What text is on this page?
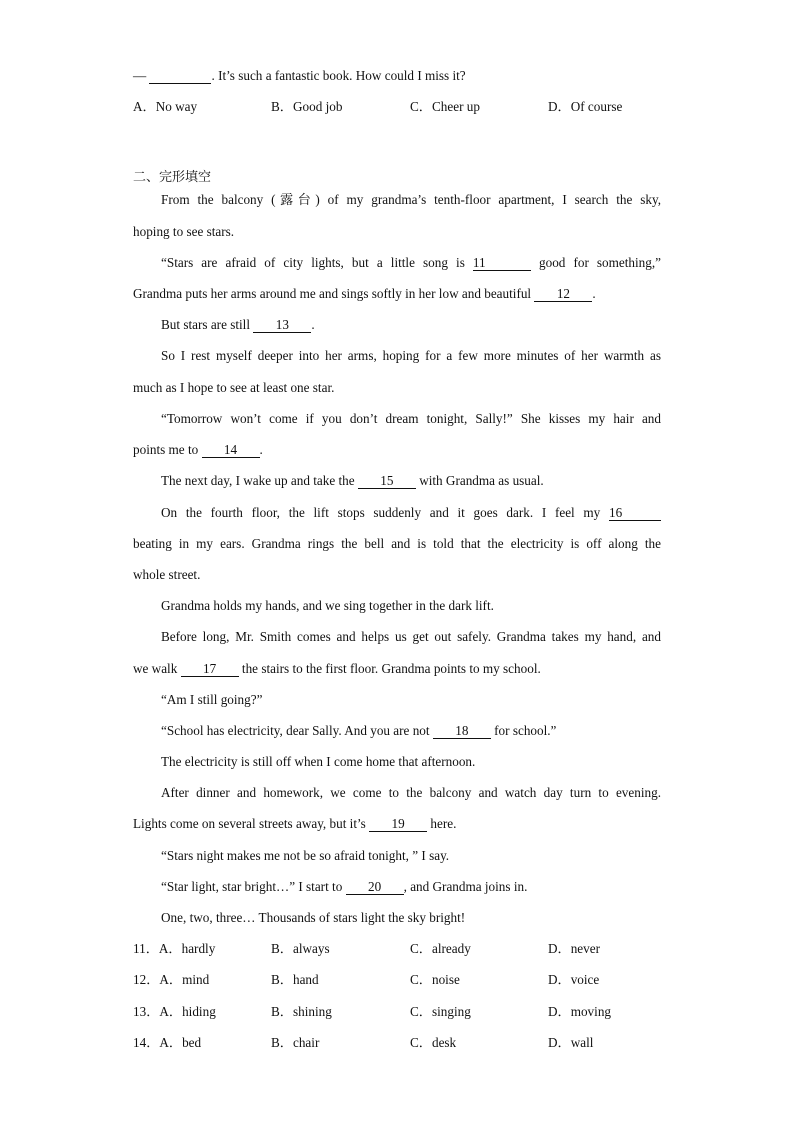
—	. It’s such a fantastic book. How could I miss it?
A．No way	B．Good job	C．Cheer up	D．Of course
二、完形填空
From the balcony (露台) of my grandma’s tenth-floor apartment, I search the sky,
hoping to see stars.
“Stars are afraid of city lights, but a little song is 11	good for something,”
Grandma puts her arms around me and sings softly in her low and beautiful 12 .
But stars are still 13 .
So I rest myself deeper into her arms, hoping for a few more minutes of her warmth as
much as I hope to see at least one star.
“Tomorrow won’t come if you don’t dream tonight, Sally!” She kisses my hair and
points me to 14 .
The next day, I wake up and take the 15 with Grandma as usual.
On the fourth floor, the lift stops suddenly and it goes dark. I feel my 16
beating in my ears. Grandma rings the bell and is told that the electricity is off along the
whole street.
Grandma holds my hands, and we sing together in the dark lift.
Before long, Mr. Smith comes and helps us get out safely. Grandma takes my hand, and
we walk 17 the stairs to the first floor. Grandma points to my school.
“Am I still going?”
“School has electricity, dear Sally. And you are not 18 for school.”
The electricity is still off when I come home that afternoon.
After dinner and homework, we come to the balcony and watch day turn to evening.
Lights come on several streets away, but it’s 19 here.
“Stars night makes me not be so afraid tonight, ” I say.
“Star light, star bright…” I start to 20 , and Grandma joins in.
One, two, three… Thousands of stars light the sky bright!
11．A．hardly	B．always	C．already	D．never
12．A．mind	B．hand	C．noise	D．voice
13．A．hiding	B．shining	C．singing	D．moving
14．A．bed	B．chair	C．desk	D．wall
